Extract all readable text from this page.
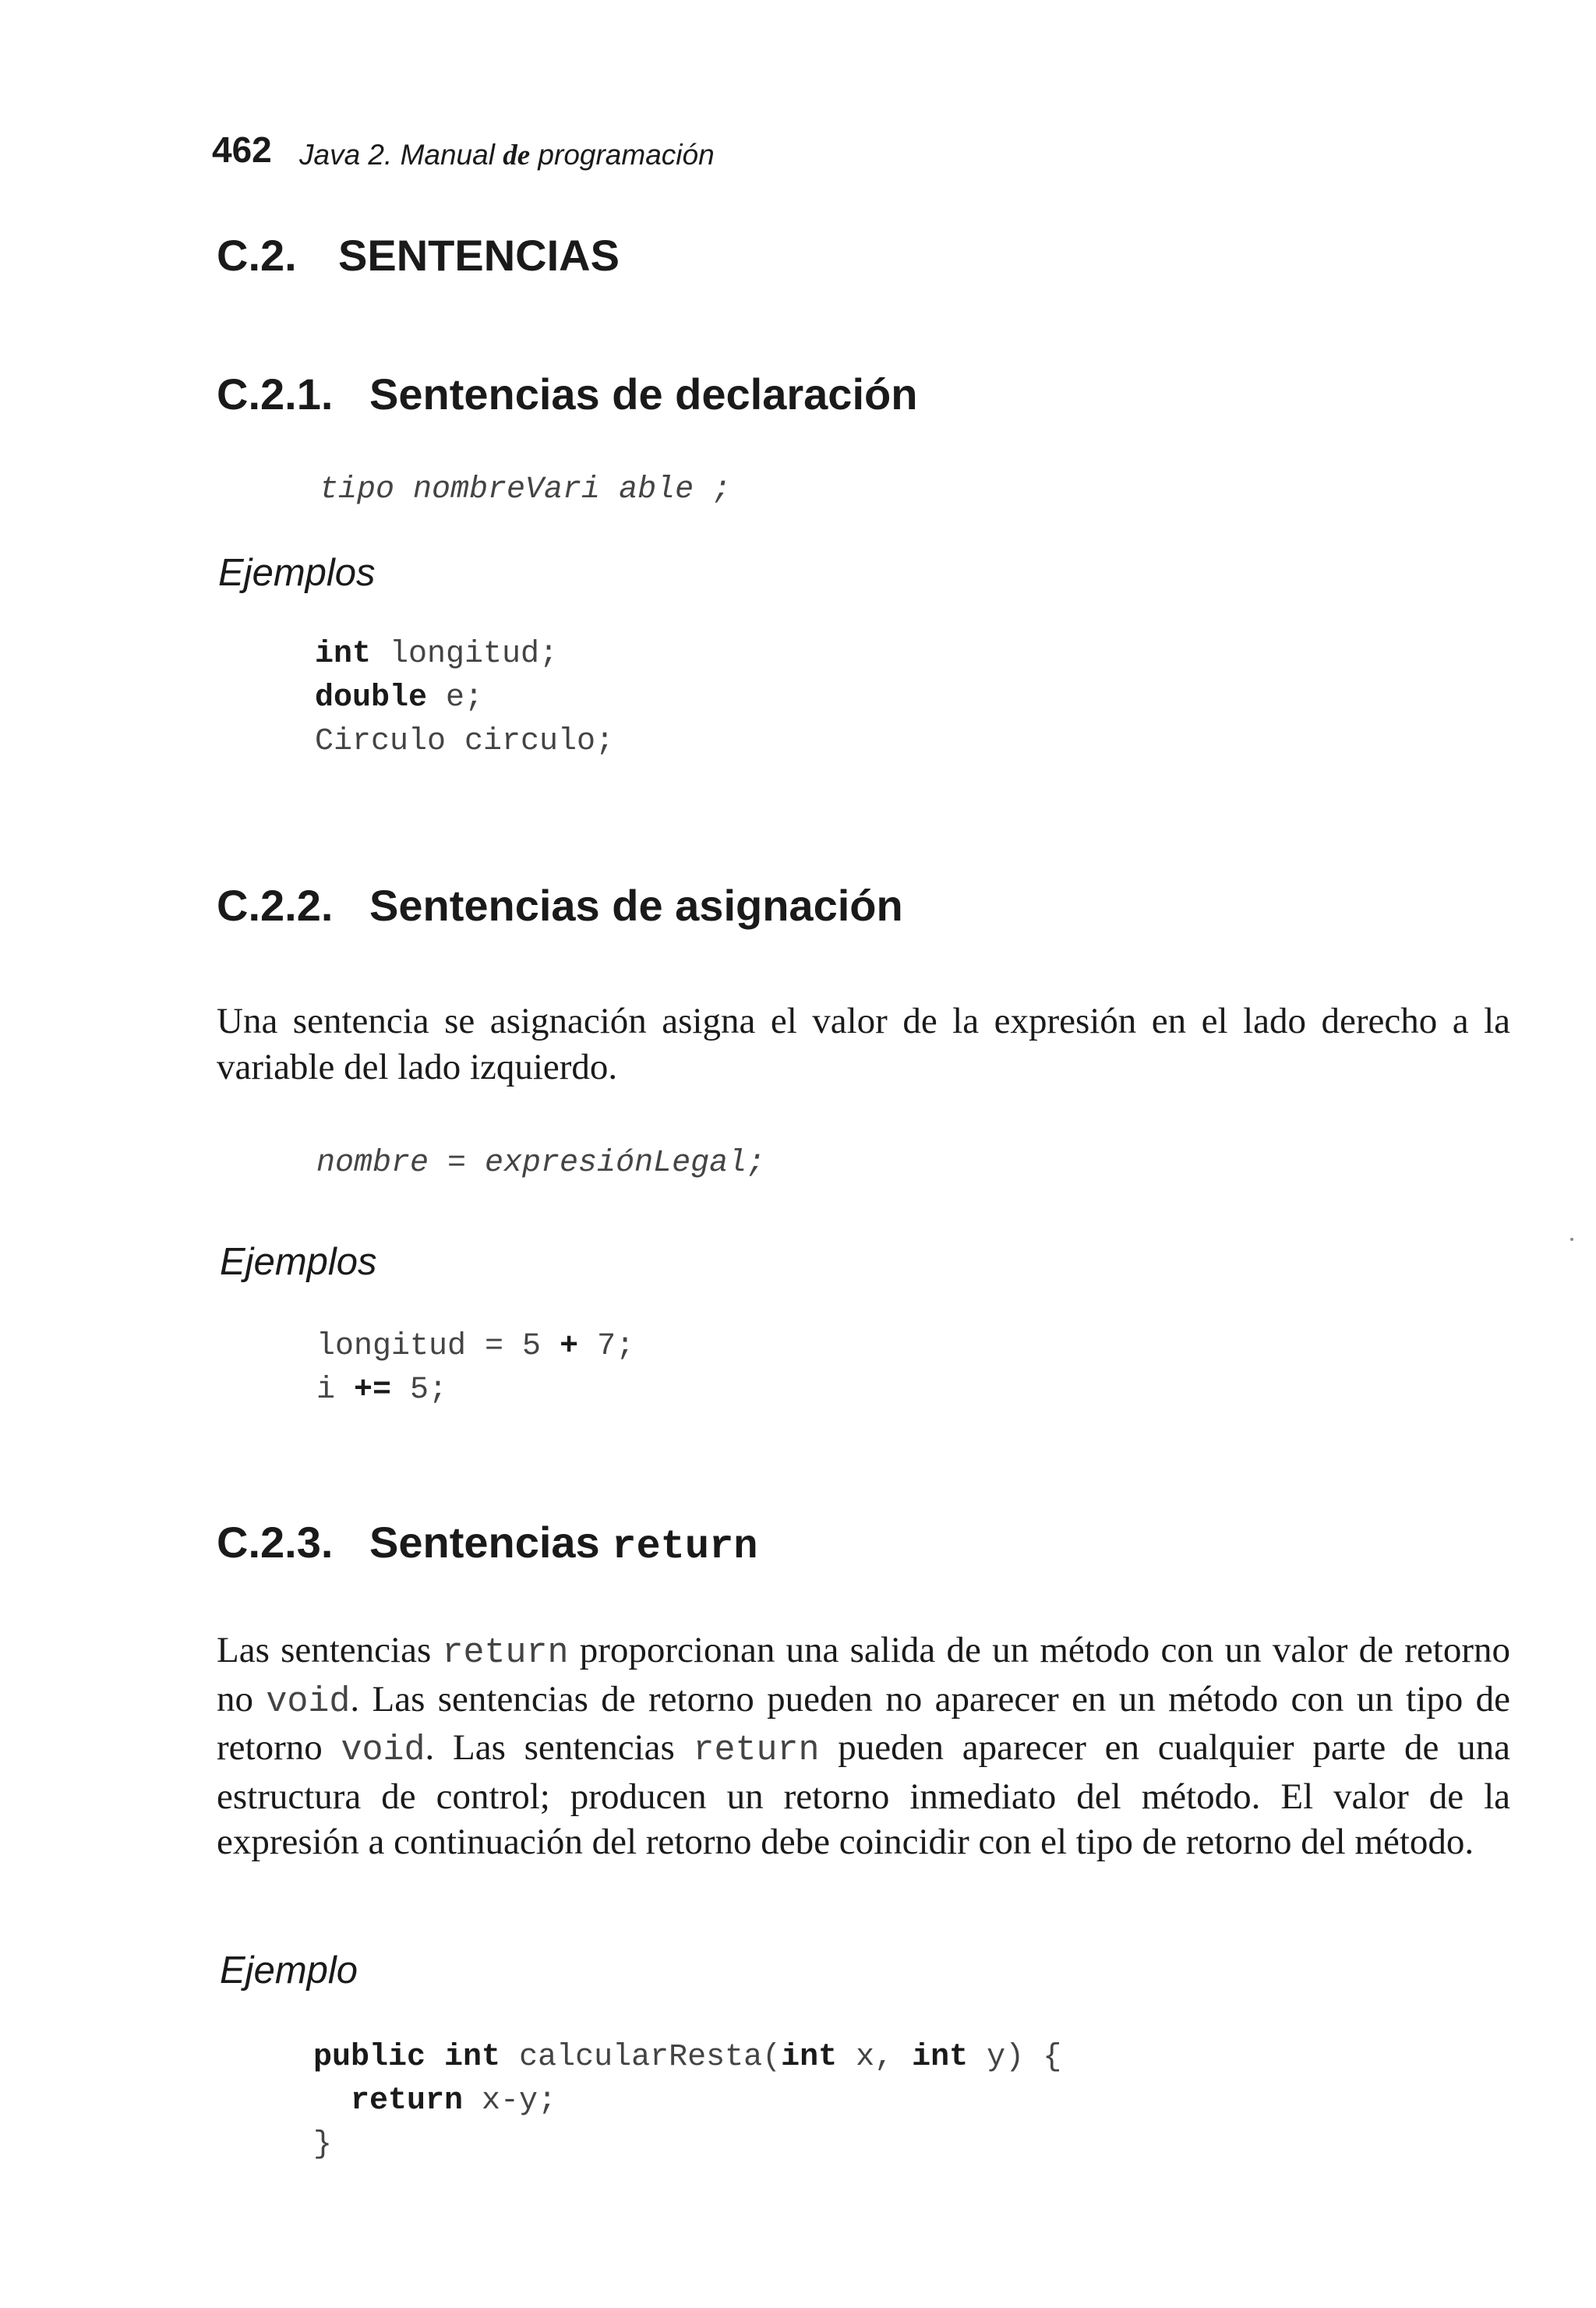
462 Java 2. Manual de programación
C.2. SENTENCIAS
C.2.1. Sentencias de declaración
tipo nombreVari able ;
Ejemplos
int longitud;
double e;
Circulo circulo;
C.2.2. Sentencias de asignación
Una sentencia se asignación asigna el valor de la expresión en el lado derecho a la variable del lado izquierdo.
nombre = expresiónLegal;
Ejemplos
longitud = 5 + 7;
i += 5;
C.2.3. Sentencias return
Las sentencias return proporcionan una salida de un método con un valor de retorno no void. Las sentencias de retorno pueden no aparecer en un método con un tipo de retorno void. Las sentencias return pueden aparecer en cualquier parte de una estructura de control; producen un retorno inmediato del método. El valor de la expresión a continuación del retorno debe coincidir con el tipo de retorno del método.
Ejemplo
public int calcularResta(int x, int y) {
return x-y;
}
